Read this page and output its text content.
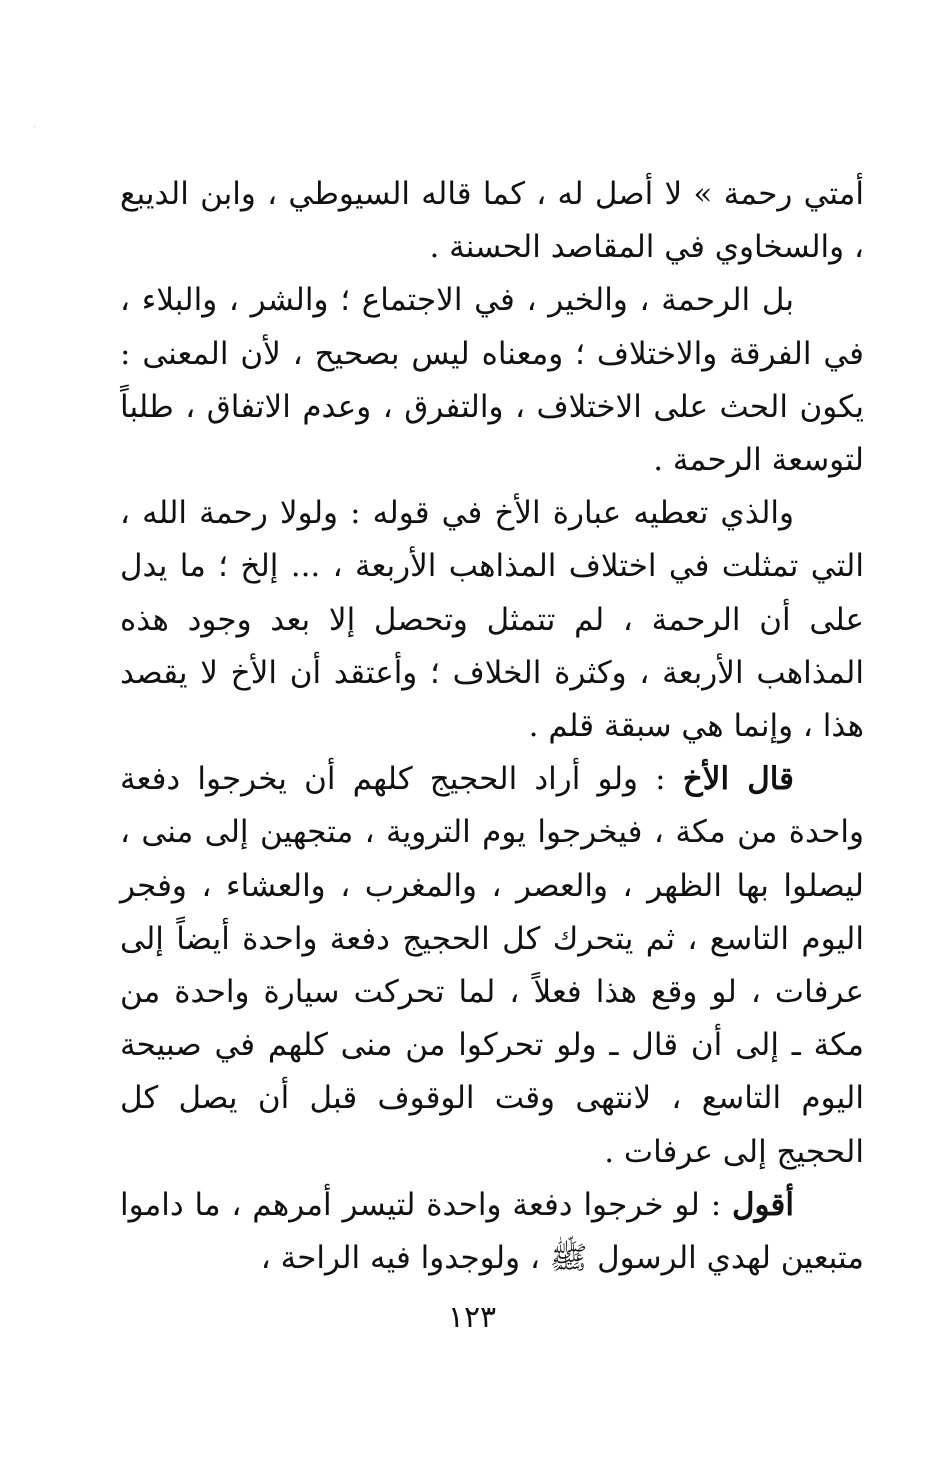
أمتي رحمة » لا أصل له ، كما قاله السيوطي ، وابن الديبع ، والسخاوي في المقاصد الحسنة .

بل الرحمة ، والخير ، في الاجتماع ؛ والشر ، والبلاء ، في الفرقة والاختلاف ؛ ومعناه ليس بصحيح ، لأن المعنى : يكون الحث على الاختلاف ، والتفرق ، وعدم الاتفاق ، طلباً لتوسعة الرحمة .

والذي تعطيه عبارة الأخ في قوله : ولولا رحمة الله ، التي تمثلت في اختلاف المذاهب الأربعة ، ... إلخ ؛ ما يدل على أن الرحمة ، لم تتمثل وتحصل إلا بعد وجود هذه المذاهب الأربعة ، وكثرة الخلاف ؛ وأعتقد أن الأخ لا يقصد هذا ، وإنما هي سبقة قلم .

قال الأخ : ولو أراد الحجيج كلهم أن يخرجوا دفعة واحدة من مكة ، فيخرجوا يوم التروية ، متجهين إلى منى ، ليصلوا بها الظهر ، والعصر ، والمغرب ، والعشاء ، وفجر اليوم التاسع ، ثم يتحرك كل الحجيج دفعة واحدة أيضاً إلى عرفات ، لو وقع هذا فعلاً ، لما تحركت سيارة واحدة من مكة ـ إلى أن قال ـ ولو تحركوا من منى كلهم في صبيحة اليوم التاسع ، لانتهى وقت الوقوف قبل أن يصل كل الحجيج إلى عرفات .

أقول : لو خرجوا دفعة واحدة لتيسر أمرهم ، ما داموا متبعين لهدي الرسول ﷺ ، ولوجدوا فيه الراحة ،

١٢٣
